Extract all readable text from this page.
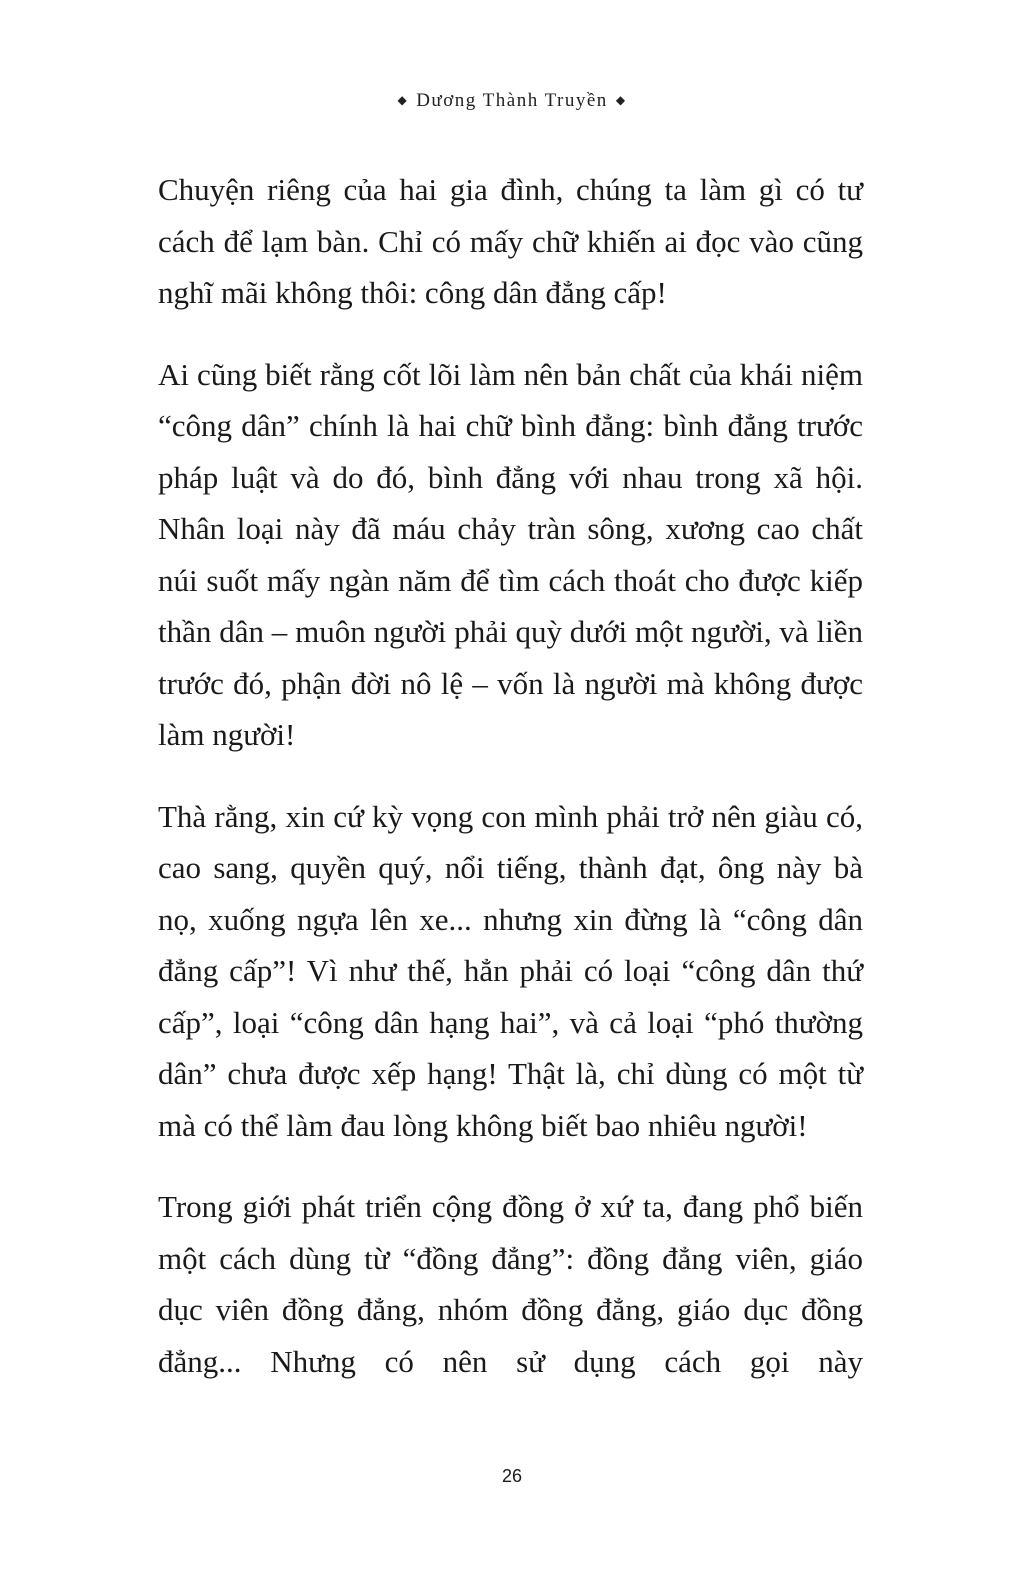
◆ Dương Thành Truyền ◆

Chuyện riêng của hai gia đình, chúng ta làm gì có tư cách để lạm bàn. Chỉ có mấy chữ khiến ai đọc vào cũng nghĩ mãi không thôi: công dân đẳng cấp!

Ai cũng biết rằng cốt lõi làm nên bản chất của khái niệm “công dân” chính là hai chữ bình đẳng: bình đẳng trước pháp luật và do đó, bình đẳng với nhau trong xã hội. Nhân loại này đã máu chảy tràn sông, xương cao chất núi suốt mấy ngàn năm để tìm cách thoát cho được kiếp thần dân – muôn người phải quỳ dưới một người, và liền trước đó, phận đời nô lệ – vốn là người mà không được làm người!

Thà rằng, xin cứ kỳ vọng con mình phải trở nên giàu có, cao sang, quyền quý, nổi tiếng, thành đạt, ông này bà nọ, xuống ngựa lên xe... nhưng xin đừng là “công dân đẳng cấp”! Vì như thế, hẳn phải có loại “công dân thứ cấp”, loại “công dân hạng hai”, và cả loại “phó thường dân” chưa được xếp hạng! Thật là, chỉ dùng có một từ mà có thể làm đau lòng không biết bao nhiêu người!

Trong giới phát triển cộng đồng ở xứ ta, đang phổ biến một cách dùng từ “đồng đẳng”: đồng đẳng viên, giáo dục viên đồng đẳng, nhóm đồng đẳng, giáo dục đồng đẳng... Nhưng có nên sử dụng cách gọi này

26
